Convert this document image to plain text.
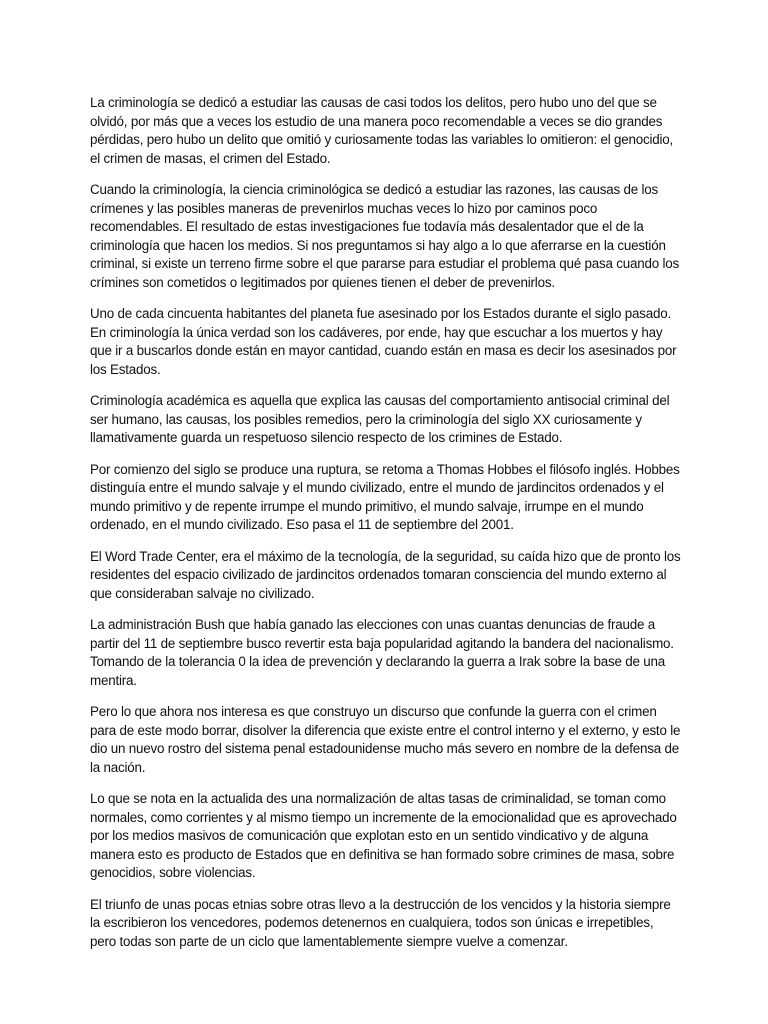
La criminología se dedicó a estudiar las causas de casi todos los delitos, pero hubo uno del que se olvidó, por más que a veces los estudio de una manera poco recomendable a veces se dio grandes pérdidas, pero hubo un delito que omitió y curiosamente todas las variables lo omitieron: el genocidio, el crimen de masas, el crimen del Estado.

Cuando la criminología, la ciencia criminológica se dedicó a estudiar las razones, las causas de los crímenes y las posibles maneras de prevenirlos muchas veces lo hizo por caminos poco recomendables. El resultado de estas investigaciones fue todavía más desalentador que el de la criminología que hacen los medios. Si nos preguntamos si hay algo a lo que aferrarse en la cuestión criminal, si existe un terreno firme sobre el que pararse para estudiar el problema qué pasa cuando los crímines son cometidos o legitimados por quienes tienen el deber de prevenirlos.

Uno de cada cincuenta habitantes del planeta fue asesinado por los Estados durante el siglo pasado. En criminología la única verdad son los cadáveres, por ende, hay que escuchar a los muertos y hay que ir a buscarlos donde están en mayor cantidad, cuando están en masa es decir los asesinados por los Estados.

Criminología académica es aquella que explica las causas del comportamiento antisocial criminal del ser humano, las causas, los posibles remedios, pero la criminología del siglo XX curiosamente y llamativamente guarda un respetuoso silencio respecto de los crimines de Estado.

Por comienzo del siglo se produce una ruptura, se retoma a Thomas Hobbes el filósofo inglés. Hobbes distinguía entre el mundo salvaje y el mundo civilizado, entre el mundo de jardincitos ordenados y el mundo primitivo y de repente irrumpe el mundo primitivo, el mundo salvaje, irrumpe en el mundo ordenado, en el mundo civilizado. Eso pasa el 11 de septiembre del 2001.

El Word Trade Center, era el máximo de la tecnología, de la seguridad, su caída hizo que de pronto los residentes del espacio civilizado de jardincitos ordenados tomaran consciencia del mundo externo al que consideraban salvaje no civilizado.

La administración Bush que había ganado las elecciones con unas cuantas denuncias de fraude a partir del 11 de septiembre busco revertir esta baja popularidad agitando la bandera del nacionalismo. Tomando de la tolerancia 0 la idea de prevención y declarando la guerra a Irak sobre la base de una mentira.

Pero lo que ahora nos interesa es que construyo un discurso que confunde la guerra con el crimen para de este modo borrar, disolver la diferencia que existe entre el control interno y el externo, y esto le dio un nuevo rostro del sistema penal estadounidense mucho más severo en nombre de la defensa de la nación.

Lo que se nota en la actualida des una normalización de altas tasas de criminalidad, se toman como normales, como corrientes y al mismo tiempo un incremente de la emocionalidad que es aprovechado por los medios masivos de comunicación que explotan esto en un sentido vindicativo y de alguna manera esto es producto de Estados que en definitiva se han formado sobre crimines de masa, sobre genocidios, sobre violencias.

El triunfo de unas pocas etnias sobre otras llevo a la destrucción de los vencidos y la historia siempre la escribieron los vencedores, podemos detenernos en cualquiera, todos son únicas e irrepetibles, pero todas son parte de un ciclo que lamentablemente siempre vuelve a comenzar.
